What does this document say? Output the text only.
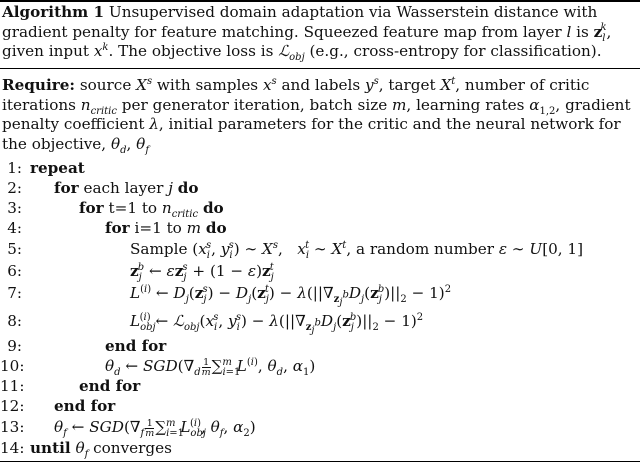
Algorithm 1 Unsupervised domain adaptation via Wasserstein distance with gradient penalty for feature matching. Squeezed feature map from layer l is $z_l^k$, given input $x^k$. The objective loss is ℒ$_{obj}$ (e.g., cross-entropy for classification).
Require: source $X^s$ with samples $x^s$ and labels $y^s$, target $X^t$, number of critic iterations $n_{critic}$ per generator iteration, batch size m, learning rates $\alpha_{1,2}$, gradient penalty coefficient λ, initial parameters for the critic and the neural network for the objective, $\theta_d$, $\theta_f$
1: repeat
2: for each layer j do
3:	for t=1 to $n_{critic}$ do
4:	for i=1 to m do
5:	Sample ($x_i^s$, $y_i^s$) ∼ $X^s$,   $x_i^t$ ∼ $X^t$, a random number ε ∼ U[0, 1]
6:	$z_j^b$ ← $\varepsilon z_j^s + (1 - \varepsilon)z_j^t$
7:	$L^{(i)}$ ← $D_j(z_j^s) - D_j(z_j^t) - \lambda(||\nabla_{z_j^b}D_j(z_j^b)||_2 - 1)^2$
8:	$L_{obj}^{(i)}$ ← $ℒ_{obj}(x_i^s$, $y_i^s) - \lambda(||\nabla_{z_j^b}D_j(z_j^b)||_2 - 1)^2$
9:	end for
10:	$\theta_d$ ← $SGD(\nabla_d \frac{1}{m} \sum_{i=1}^m$ $L^{(i)}$, $\theta_d$, $\alpha_1$)
11:	end for
12: end for
13: $\theta_f$ ← $SGD(\nabla_f \frac{1}{m} \sum_{i=1}^m$ $L_{obj}^{(i)}$, $\theta_f$, $\alpha_2$)
14: until $\theta_f$ converges
